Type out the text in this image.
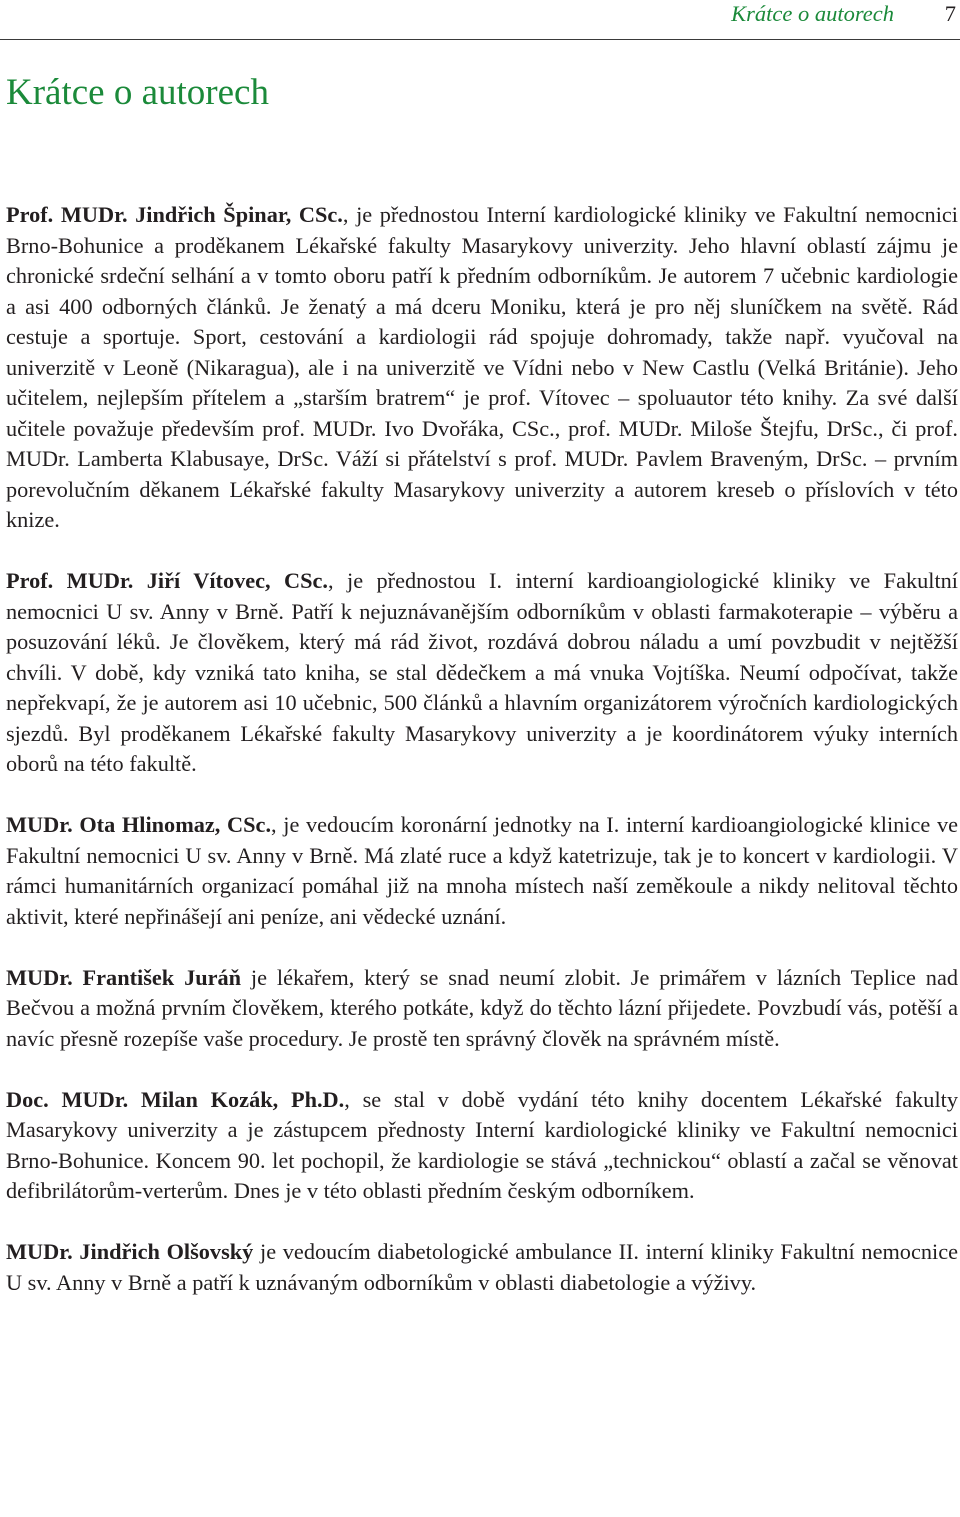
Krátce o autorech 7
Krátce o autorech

Prof. MUDr. Jindřich Špinar, CSc., je přednostou Interní kardiologické kliniky ve Fakultní nemocnici Brno-Bohunice a proděkanem Lékařské fakulty Masarykovy univerzity. Jeho hlavní oblastí zájmu je chronické srdeční selhání a v tomto oboru patří k předním odborníkům. Je autorem 7 učebnic kardiologie a asi 400 odborných článků. Je ženatý a má dceru Moniku, která je pro něj sluníčkem na světě. Rád cestuje a sportuje. Sport, cestování a kardiologii rád spojuje dohromady, takže např. vyučoval na univerzitě v Leoně (Nikaragua), ale i na univerzitě ve Vídni nebo v New Castlu (Velká Británie). Jeho učitelem, nejlepším přítelem a „starším bratrem“ je prof. Vítovec – spoluautor této knihy. Za své další učitele považuje především prof. MUDr. Ivo Dvořáka, CSc., prof. MUDr. Miloše Štejfu, DrSc., či prof. MUDr. Lamberta Klabusaye, DrSc. Váží si přátelství s prof. MUDr. Pavlem Braveným, DrSc. – prvním porevolučním děkanem Lékařské fakulty Masarykovy univerzity a autorem kreseb o příslovích v této knize.

Prof. MUDr. Jiří Vítovec, CSc., je přednostou I. interní kardioangiologické kliniky ve Fakultní nemocnici U sv. Anny v Brně. Patří k nejuznávanějším odborníkům v oblasti farmakoterapie – výběru a posuzování léků. Je člověkem, který má rád život, rozdává dobrou náladu a umí povzbudit v nejtěžší chvíli. V době, kdy vzniká tato kniha, se stal dědečkem a má vnuka Vojtíška. Neumí odpočívat, takže nepřekvapí, že je autorem asi 10 učebnic, 500 článků a hlavním organizátorem výročních kardiologických sjezdů. Byl proděkanem Lékařské fakulty Masarykovy univerzity a je koordinátorem výuky interních oborů na této fakultě.

MUDr. Ota Hlinomaz, CSc., je vedoucím koronární jednotky na I. interní kardioangiologické klinice ve Fakultní nemocnici U sv. Anny v Brně. Má zlaté ruce a když katetrizuje, tak je to koncert v kardiologii. V rámci humanitárních organizací pomáhal již na mnoha místech naší zeměkoule a nikdy nelitoval těchto aktivit, které nepřinášejí ani peníze, ani vědecké uznání.

MUDr. František Juráň je lékařem, který se snad neumí zlobit. Je primářem v lázních Teplice nad Bečvou a možná prvním člověkem, kterého potkáte, když do těchto lázní přijedete. Povzbudí vás, potěší a navíc přesně rozepíše vaše procedury. Je prostě ten správný člověk na správném místě.

Doc. MUDr. Milan Kozák, Ph.D., se stal v době vydání této knihy docentem Lékařské fakulty Masarykovy univerzity a je zástupcem přednosty Interní kardiologické kliniky ve Fakultní nemocnici Brno-Bohunice. Koncem 90. let pochopil, že kardiologie se stává „technickou“ oblastí a začal se věnovat defibrilátorům-verterům. Dnes je v této oblasti předním českým odborníkem.

MUDr. Jindřich Olšovský je vedoucím diabetologické ambulance II. interní kliniky Fakultní nemocnice U sv. Anny v Brně a patří k uznávaným odborníkům v oblasti diabetologie a výživy.
